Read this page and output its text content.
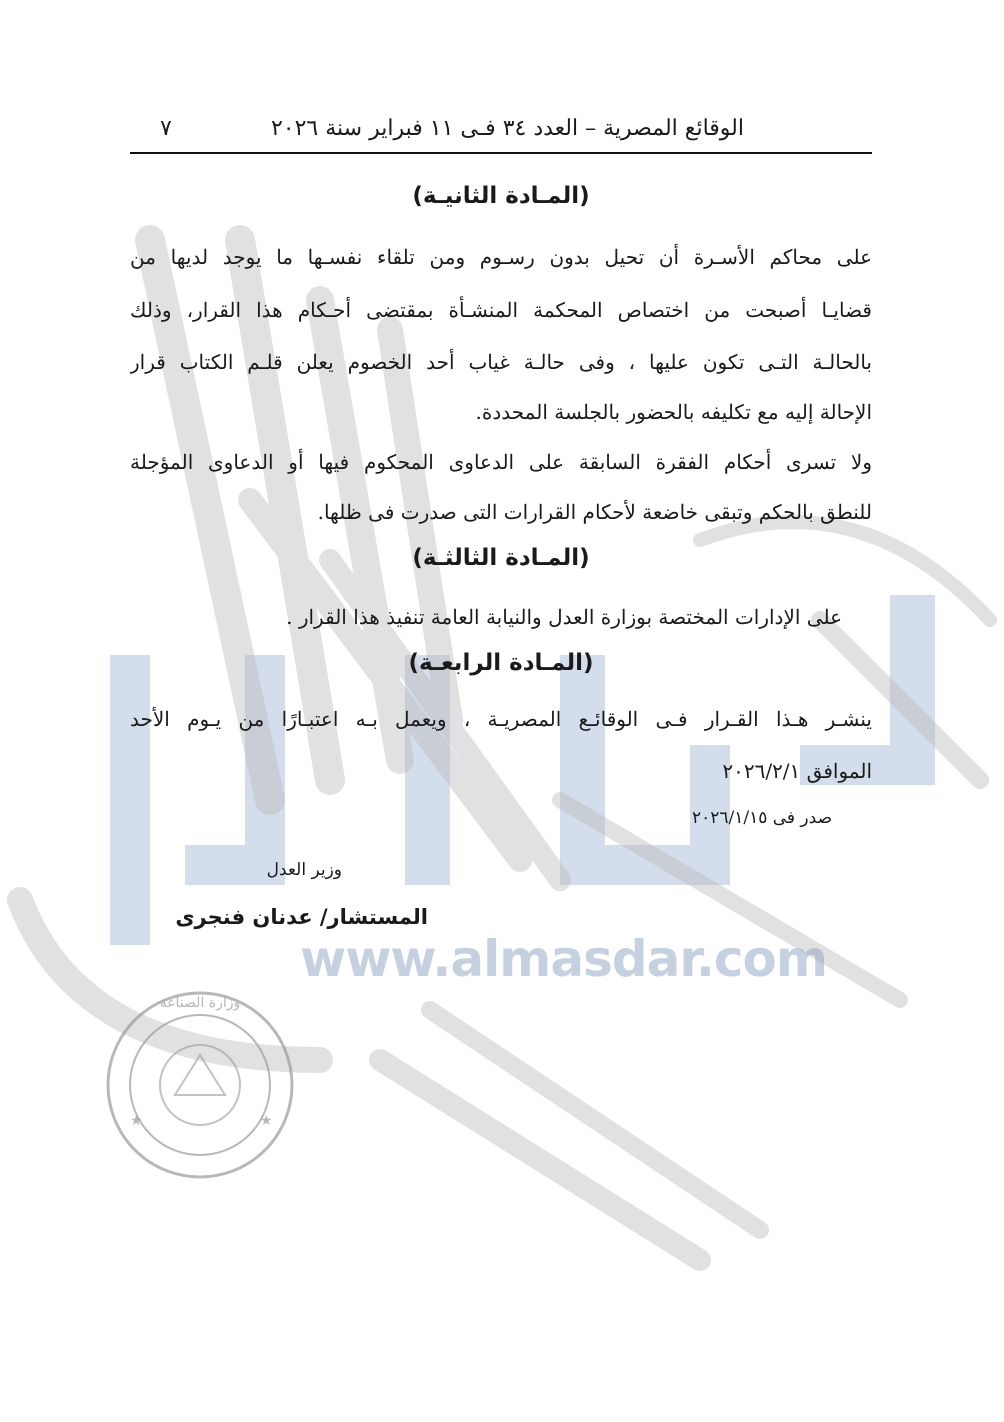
www.almasdar.com
وزارة الصناعة
★	★
الوقائع المصرية – العدد ٣٤ فـى ١١ فبراير سنة ٢٠٢٦
٧
(المـادة الثانيـة)
على محاكم الأسـرة أن تحيل بدون رسـوم ومن تلقاء نفسـها ما يوجد لديها من
قضايـا أصبحت من اختصاص المحكمة المنشـأة بمقتضى أحـكام هذا القرار، وذلك
بالحالـة التـى تكون عليها ، وفى حالـة غياب أحد الخصوم يعلن قلـم الكتاب قرار
الإحالة إليه مع تكليفه بالحضور بالجلسة المحددة.
ولا تسرى أحكام الفقرة السابقة على الدعاوى المحكوم فيها أو الدعاوى المؤجلة
للنطق بالحكم وتبقى خاضعة لأحكام القرارات التى صدرت فى ظلها.
(المـادة الثالثـة)
على الإدارات المختصة بوزارة العدل والنيابة العامة تنفيذ هذا القرار .
(المـادة الرابعـة)
ينشـر هـذا القـرار فـى الوقائـع المصريـة ، ويعمل بـه اعتبـارًا من يـوم الأحد
الموافق ٢٠٢٦/٢/١
صدر فى ٢٠٢٦/١/١٥
وزير العدل
المستشار/ عدنان فنجرى
